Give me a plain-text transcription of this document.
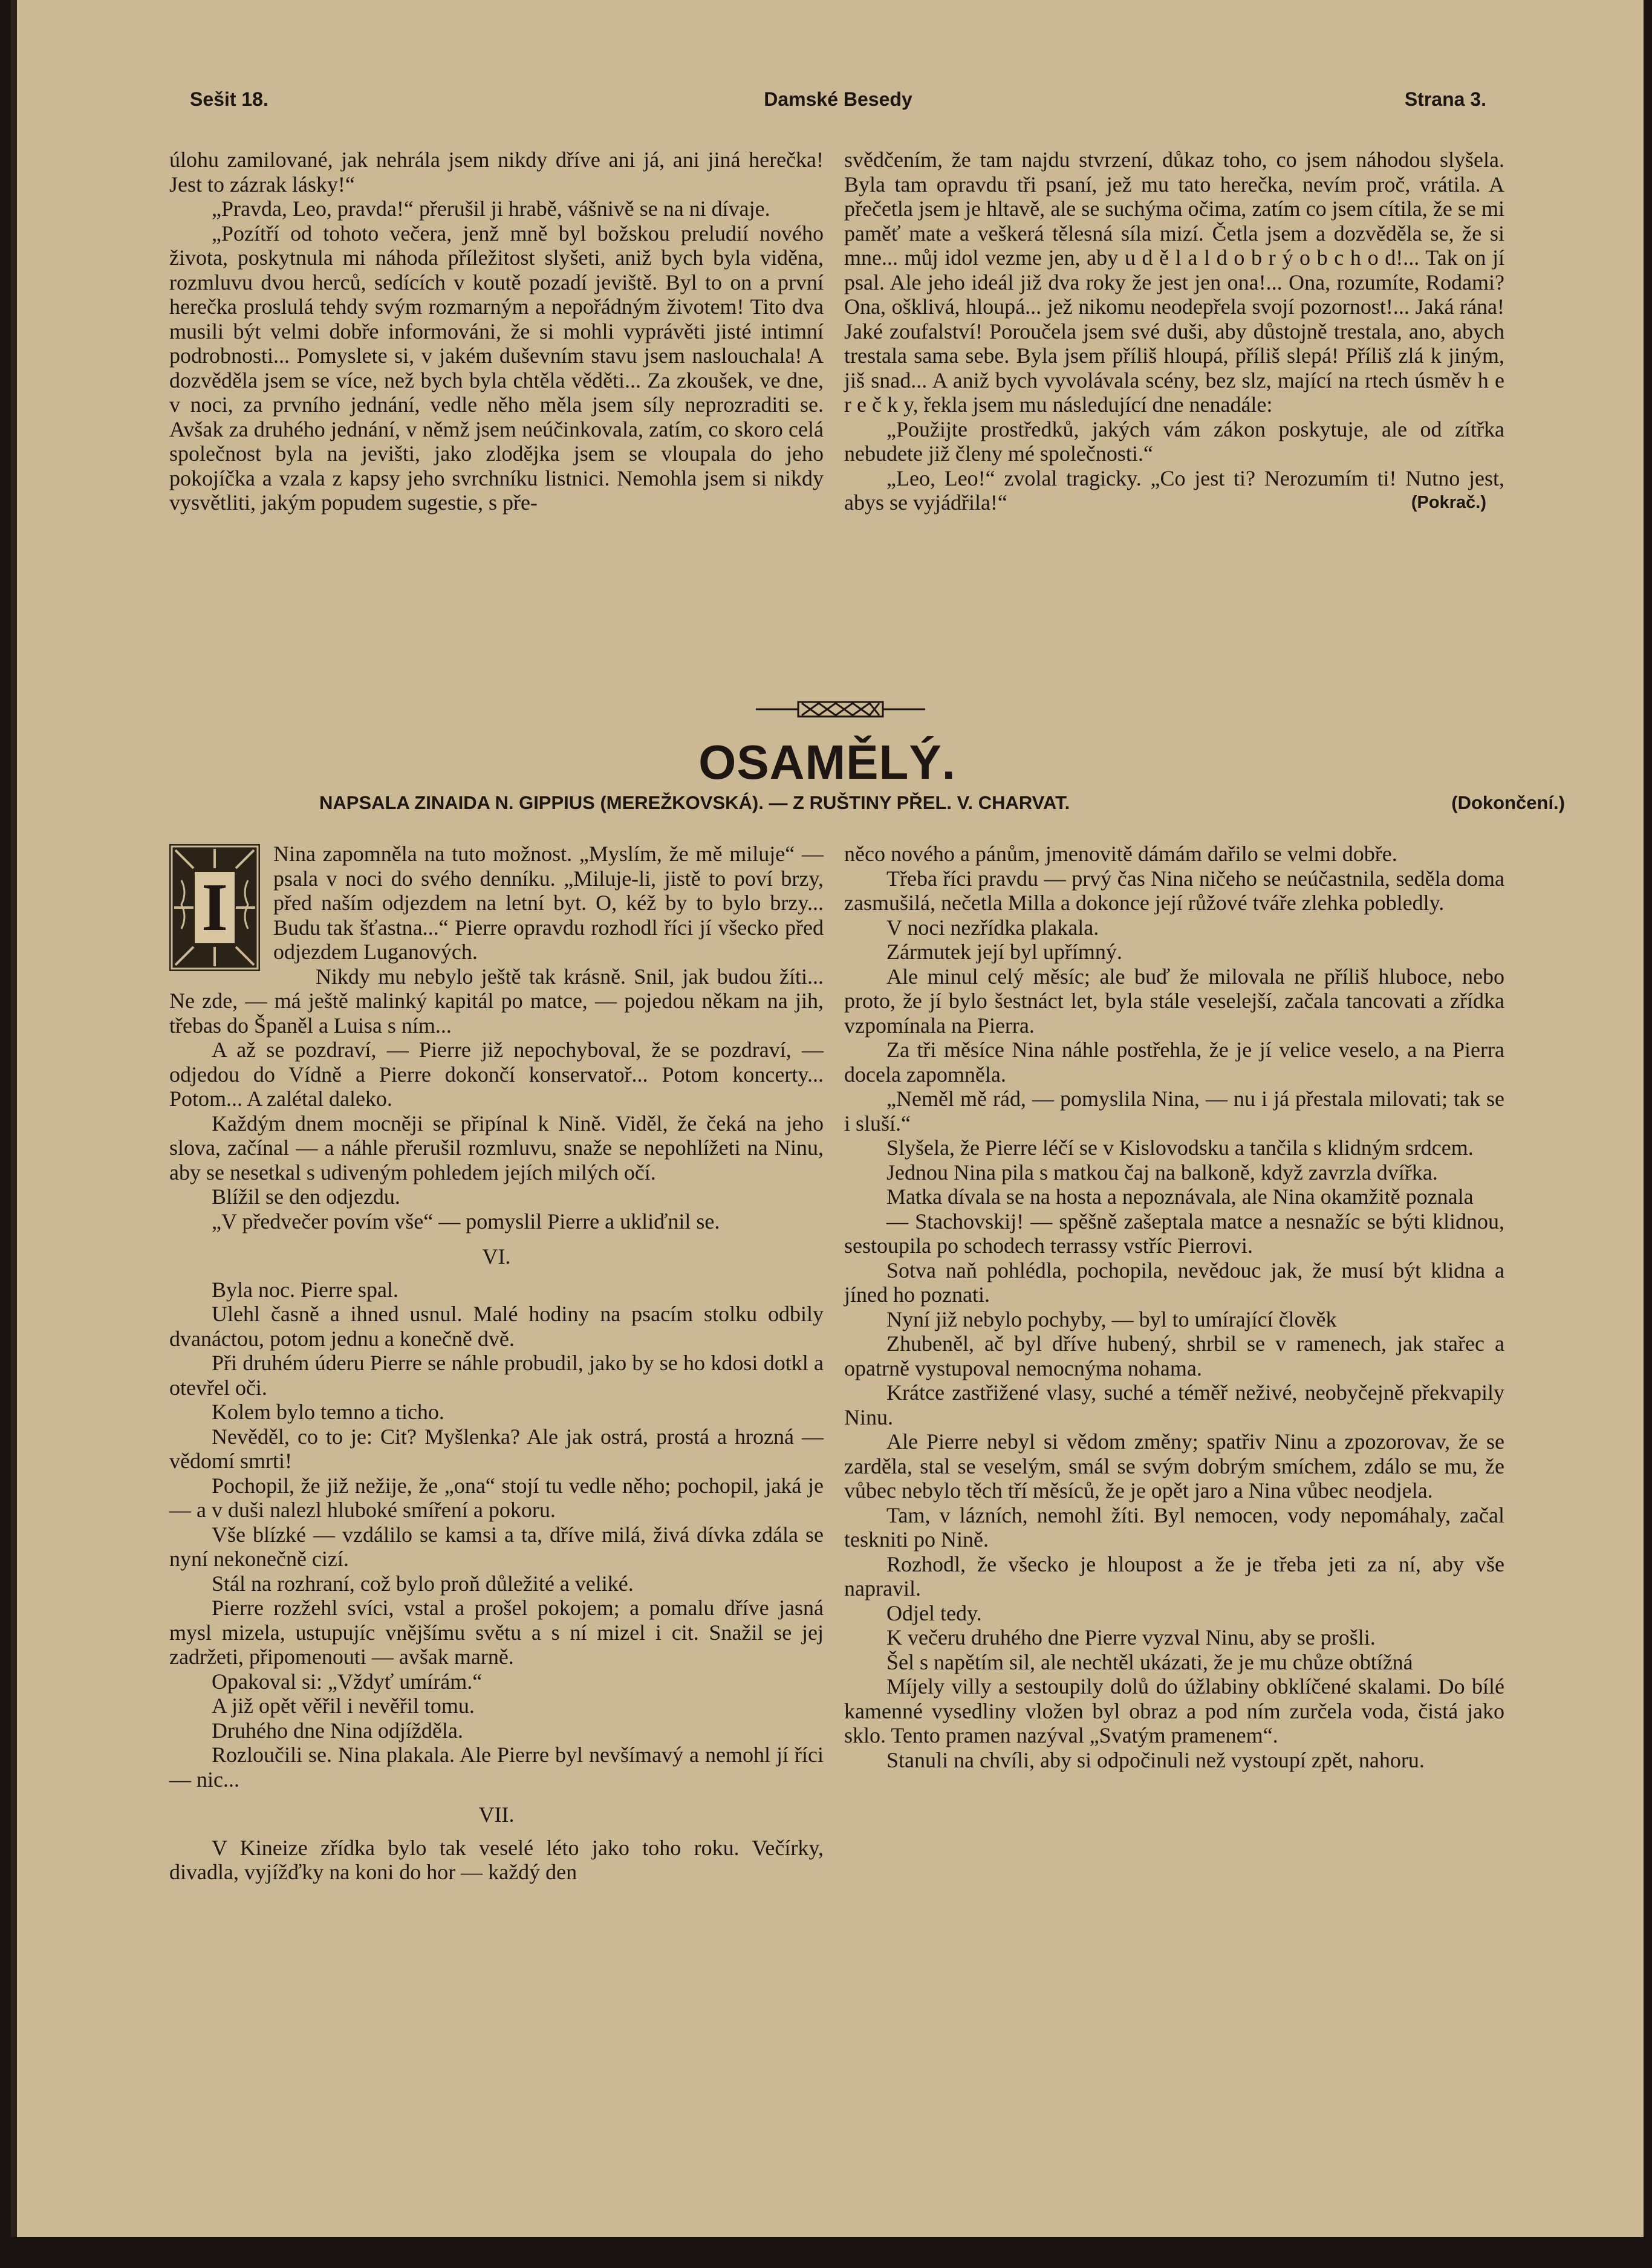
Sešit 18.	Damské Besedy	Strana 3.

úlohu zamilované, jak nehrála jsem nikdy dříve ani já, ani jiná herečka! Jest to zázrak lásky!“

„Pravda, Leo, pravda!“ přerušil ji hrabě, vášnivě se na ni dívaje.

„Pozítří od tohoto večera, jenž mně byl božskou preludií nového života, poskytnula mi náhoda příležitost slyšeti, aniž bych byla viděna, rozmluvu dvou herců, sedících v koutě pozadí jeviště. Byl to on a první herečka proslulá tehdy svým rozmarným a nepořádným životem! Tito dva musili být velmi dobře informováni, že si mohli vyprávěti jisté intimní podrobnosti... Pomyslete si, v jakém duševním stavu jsem naslouchala! A dozvěděla jsem se více, než bych byla chtěla věděti... Za zkoušek, ve dne, v noci, za prvního jednání, vedle něho měla jsem síly neprozraditi se. Avšak za druhého jednání, v němž jsem neúčinkovala, zatím, co skoro celá společnost byla na jevišti, jako zlodějka jsem se vloupala do jeho pokojíčka a vzala z kapsy jeho svrchníku listnici. Nemohla jsem si nikdy vysvětliti, jakým popudem sugestie, s pře-

svědčením, že tam najdu stvrzení, důkaz toho, co jsem náhodou slyšela. Byla tam opravdu tři psaní, jež mu tato herečka, nevím proč, vrátila. A přečetla jsem je hltavě, ale se suchýma očima, zatím co jsem cítila, že se mi paměť mate a veškerá tělesná síla mizí. Četla jsem a dozvěděla se, že si mne... můj idol vezme jen, aby u d ě l a l d o b r ý o b c h o d!... Tak on jí psal. Ale jeho ideál již dva roky že jest jen ona!... Ona, rozumíte, Rodami? Ona, ošklivá, hloupá... jež nikomu neodepřela svojí pozornost!... Jaká rána! Jaké zoufalství! Poroučela jsem své duši, aby důstojně trestala, ano, abych trestala sama sebe. Byla jsem příliš hloupá, příliš slepá! Příliš zlá k jiným, jiš snad... A aniž bych vyvolávala scény, bez slz, mající na rtech úsměv h e r e č k y, řekla jsem mu následující dne nenadále:

„Použijte prostředků, jakých vám zákon poskytuje, ale od zítřka nebudete již členy mé společnosti.“

„Leo, Leo!“ zvolal tragicky. „Co jest ti? Nerozumím ti! Nutno jest, abys se vyjádřila!“	(Pokrač.)

OSAMĚLÝ.
NAPSALA ZINAIDA N. GIPPIUS (MEREŽKOVSKÁ). — Z RUŠTINY PŘEL. V. CHARVAT.	(Dokončení.)
I

Nina zapomněla na tuto možnost. „Myslím, že mě miluje“ — psala v noci do svého denníku. „Miluje-li, jistě to poví brzy, před naším odjezdem na letní byt. O, kéž by to bylo brzy... Budu tak šťastna...“ Pierre opravdu rozhodl říci jí všecko před odjezdem Luganových.

Nikdy mu nebylo ještě tak krásně. Snil, jak budou žíti... Ne zde, — má ještě malinký kapitál po matce, — pojedou někam na jih, třebas do Španěl a Luisa s ním...

A až se pozdraví, — Pierre již nepochyboval, že se pozdraví, — odjedou do Vídně a Pierre dokončí konservatoř... Potom koncerty... Potom... A zalétal daleko.

Každým dnem mocněji se připínal k Nině. Viděl, že čeká na jeho slova, začínal — a náhle přerušil rozmluvu, snaže se nepohlížeti na Ninu, aby se nesetkal s udiveným pohledem jejích milých očí.

Blížil se den odjezdu.

„V předvečer povím vše“ — pomyslil Pierre a ukliďnil se.

VI.

Byla noc. Pierre spal.

Ulehl časně a ihned usnul. Malé hodiny na psacím stolku odbily dvanáctou, potom jednu a konečně dvě.

Při druhém úderu Pierre se náhle probudil, jako by se ho kdosi dotkl a otevřel oči.

Kolem bylo temno a ticho.

Nevěděl, co to je: Cit? Myšlenka? Ale jak ostrá, prostá a hrozná — vědomí smrti!

Pochopil, že již nežije, že „ona“ stojí tu vedle něho; pochopil, jaká je — a v duši nalezl hluboké smíření a pokoru.

Vše blízké — vzdálilo se kamsi a ta, dříve milá, živá dívka zdála se nyní nekonečně cizí.

Stál na rozhraní, což bylo proň důležité a veliké.

Pierre rozžehl svíci, vstal a prošel pokojem; a pomalu dříve jasná mysl mizela, ustupujíc vnějšímu světu a s ní mizel i cit. Snažil se jej zadržeti, připomenouti — avšak marně.

Opakoval si: „Vždyť umírám.“

A již opět věřil i nevěřil tomu.

Druhého dne Nina odjížděla.

Rozloučili se. Nina plakala. Ale Pierre byl nevšímavý a nemohl jí říci — nic...

VII.

V Kineize zřídka bylo tak veselé léto jako toho roku. Večírky, divadla, vyjížďky na koni do hor — každý den

něco nového a pánům, jmenovitě dámám dařilo se velmi dobře.

Třeba říci pravdu — prvý čas Nina ničeho se neúčastnila, seděla doma zasmušilá, nečetla Milla a dokonce její růžové tváře zlehka pobledly.

V noci nezřídka plakala.

Zármutek její byl upřímný.

Ale minul celý měsíc; ale buď že milovala ne příliš hluboce, nebo proto, že jí bylo šestnáct let, byla stále veselejší, začala tancovati a zřídka vzpomínala na Pierra.

Za tři měsíce Nina náhle postřehla, že je jí velice veselo, a na Pierra docela zapomněla.

„Neměl mě rád, — pomyslila Nina, — nu i já přestala milovati; tak se i sluší.“

Slyšela, že Pierre léčí se v Kislovodsku a tančila s klidným srdcem.

Jednou Nina pila s matkou čaj na balkoně, když zavrzla dvířka.

Matka dívala se na hosta a nepoznávala, ale Nina okamžitě poznala

— Stachovskij! — spěšně zašeptala matce a nesnažíc se býti klidnou, sestoupila po schodech terrassy vstříc Pierrovi.

Sotva naň pohlédla, pochopila, nevědouc jak, že musí být klidna a jíned ho poznati.

Nyní již nebylo pochyby, — byl to umírající člověk

Zhubeněl, ač byl dříve hubený, shrbil se v ramenech, jak stařec a opatrně vystupoval nemocnýma nohama.

Krátce zastřižené vlasy, suché a téměř neživé, neobyčejně překvapily Ninu.

Ale Pierre nebyl si vědom změny; spatřiv Ninu a zpozorovav, že se zarděla, stal se veselým, smál se svým dobrým smíchem, zdálo se mu, že vůbec nebylo těch tří měsíců, že je opět jaro a Nina vůbec neodjela.

Tam, v lázních, nemohl žíti. Byl nemocen, vody nepomáhaly, začal teskniti po Nině.

Rozhodl, že všecko je hloupost a že je třeba jeti za ní, aby vše napravil.

Odjel tedy.

K večeru druhého dne Pierre vyzval Ninu, aby se prošli.

Šel s napětím sil, ale nechtěl ukázati, že je mu chůze obtížná

Míjely villy a sestoupily dolů do úžlabiny obklíčené skalami. Do bílé kamenné vysedliny vložen byl obraz a pod ním zurčela voda, čistá jako sklo. Tento pramen nazýval „Svatým pramenem“.

Stanuli na chvíli, aby si odpočinuli než vystoupí zpět, nahoru.
